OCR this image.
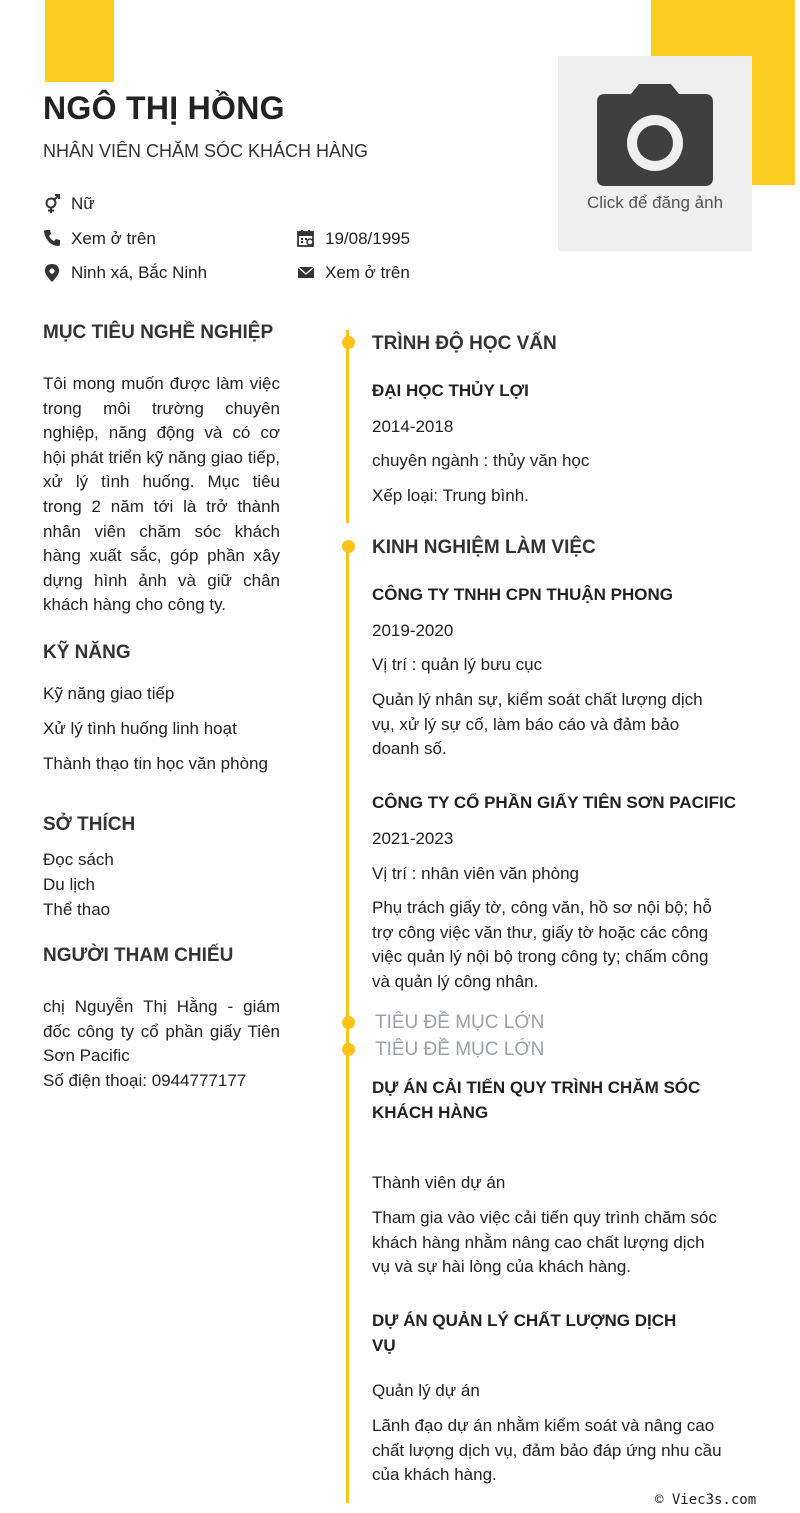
Click để đăng ảnh
NGÔ THỊ HỒNG
NHÂN VIÊN CHĂM SÓC KHÁCH HÀNG
Nữ
Xem ở trên	19/08/1995
Ninh xá, Bắc Ninh	Xem ở trên
MỤC TIÊU NGHỀ NGHIỆP
Tôi mong muốn được làm việc trong môi trường chuyên nghiệp, năng động và có cơ hội phát triển kỹ năng giao tiếp, xử lý tình huống. Mục tiêu trong 2 năm tới là trở thành nhân viên chăm sóc khách hàng xuất sắc, góp phần xây dựng hình ảnh và giữ chân khách hàng cho công ty.
KỸ NĂNG
Kỹ năng giao tiếp
Xử lý tình huống linh hoạt
Thành thạo tin học văn phòng
SỞ THÍCH
Đọc sách
Du lịch
Thể thao
NGƯỜI THAM CHIẾU
chị Nguyễn Thị Hằng - giám đốc công ty cổ phần giấy Tiên Sơn Pacific
Số điện thoại: 0944777177
TRÌNH ĐỘ HỌC VẤN
ĐẠI HỌC THỦY LỢI
2014-2018
chuyên ngành : thủy văn học
Xếp loại: Trung bình.
KINH NGHIỆM LÀM VIỆC
CÔNG TY TNHH CPN THUẬN PHONG
2019-2020
Vị trí : quản lý bưu cục
Quản lý nhân sự, kiểm soát chất lượng dịch vụ, xử lý sự cố, làm báo cáo và đảm bảo doanh số.
CÔNG TY CỔ PHẦN GIẤY TIÊN SƠN PACIFIC
2021-2023
Vị trí : nhân viên văn phòng
Phụ trách giấy tờ, công văn, hồ sơ nội bộ; hỗ trợ công việc văn thư, giấy tờ hoặc các công việc quản lý nội bộ trong công ty; chấm công và quản lý công nhân.
TIÊU ĐỀ MỤC LỚN
TIÊU ĐỀ MỤC LỚN
DỰ ÁN CẢI TIẾN QUY TRÌNH CHĂM SÓC KHÁCH HÀNG
Thành viên dự án
Tham gia vào việc cải tiến quy trình chăm sóc khách hàng nhằm nâng cao chất lượng dịch vụ và sự hài lòng của khách hàng.
DỰ ÁN QUẢN LÝ CHẤT LƯỢNG DỊCH VỤ
Quản lý dự án
Lãnh đạo dự án nhằm kiểm soát và nâng cao chất lượng dịch vụ, đảm bảo đáp ứng nhu cầu của khách hàng.
© Viec3s.com
